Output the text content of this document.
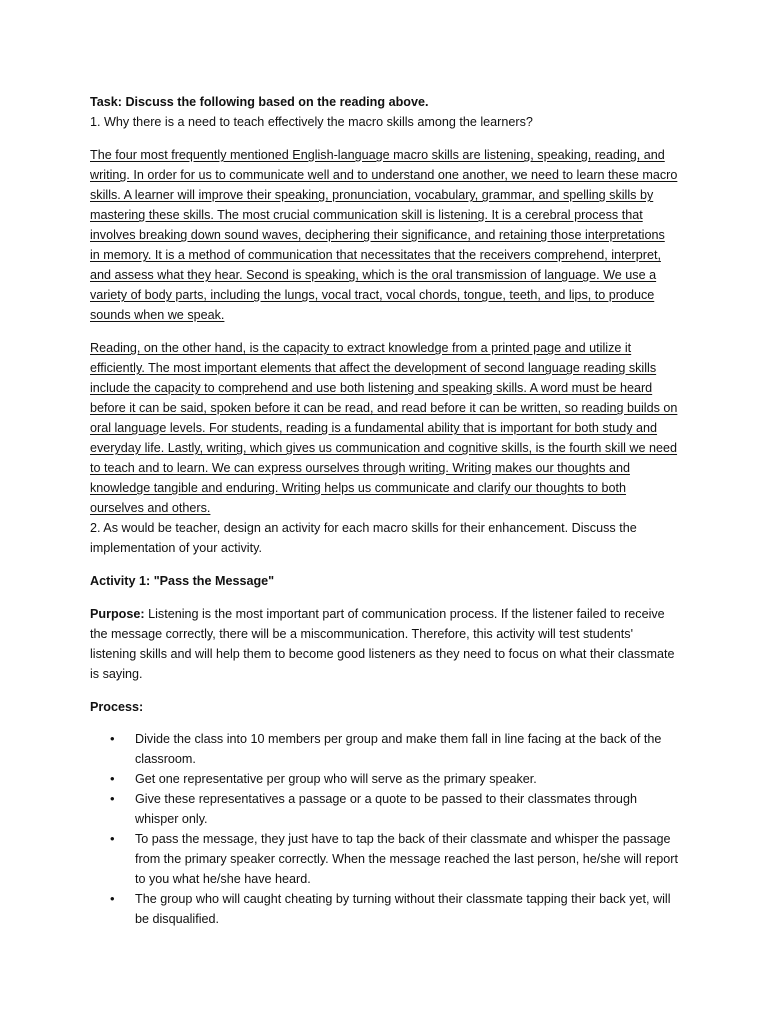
Task: Discuss the following based on the reading above.

1. Why there is a need to teach effectively the macro skills among the learners?

The four most frequently mentioned English-language macro skills are listening, speaking, reading, and writing. In order for us to communicate well and to understand one another, we need to learn these macro skills. A learner will improve their speaking, pronunciation, vocabulary, grammar, and spelling skills by mastering these skills. The most crucial communication skill is listening. It is a cerebral process that involves breaking down sound waves, deciphering their significance, and retaining those interpretations in memory. It is a method of communication that necessitates that the receivers comprehend, interpret, and assess what they hear. Second is speaking, which is the oral transmission of language. We use a variety of body parts, including the lungs, vocal tract, vocal chords, tongue, teeth, and lips, to produce sounds when we speak.

Reading, on the other hand, is the capacity to extract knowledge from a printed page and utilize it efficiently. The most important elements that affect the development of second language reading skills include the capacity to comprehend and use both listening and speaking skills. A word must be heard before it can be said, spoken before it can be read, and read before it can be written, so reading builds on oral language levels. For students, reading is a fundamental ability that is important for both study and everyday life. Lastly, writing, which gives us communication and cognitive skills, is the fourth skill we need to teach and to learn. We can express ourselves through writing. Writing makes our thoughts and knowledge tangible and enduring. Writing helps us communicate and clarify our thoughts to both ourselves and others.

2. As would be teacher, design an activity for each macro skills for their enhancement. Discuss the implementation of your activity.

Activity 1: "Pass the Message"

Purpose: Listening is the most important part of communication process. If the listener failed to receive the message correctly, there will be a miscommunication. Therefore, this activity will test students' listening skills and will help them to become good listeners as they need to focus on what their classmate is saying.

Process:

• Divide the class into 10 members per group and make them fall in line facing at the back of the classroom.
• Get one representative per group who will serve as the primary speaker.
• Give these representatives a passage or a quote to be passed to their classmates through whisper only.
• To pass the message, they just have to tap the back of their classmate and whisper the passage from the primary speaker correctly. When the message reached the last person, he/she will report to you what he/she have heard.
• The group who will caught cheating by turning without their classmate tapping their back yet, will be disqualified.
